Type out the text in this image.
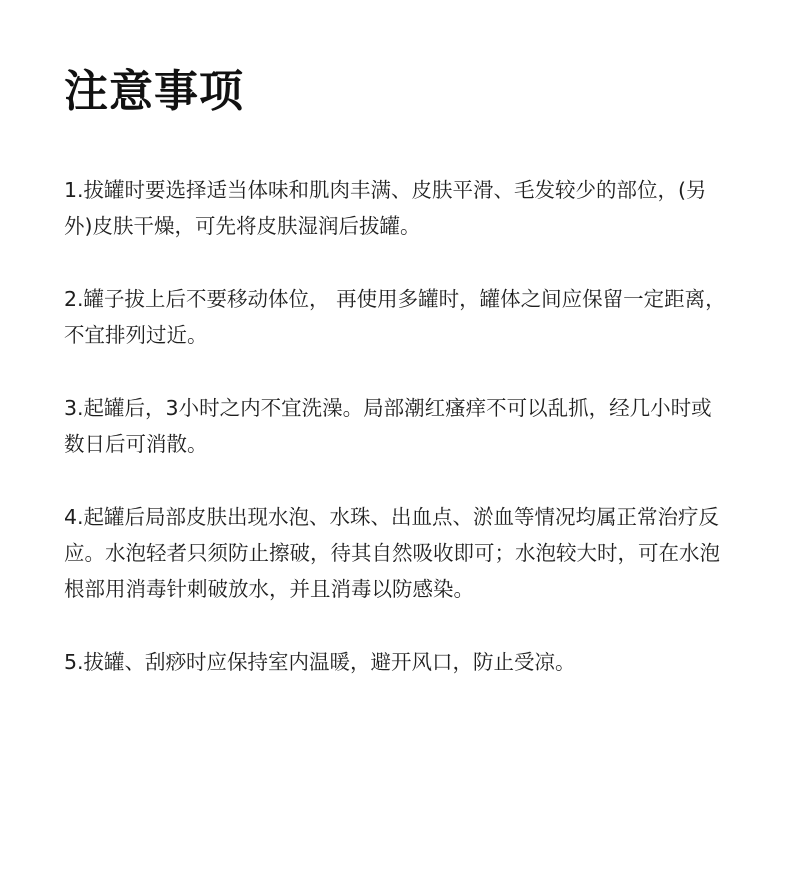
注意事项
1.拔罐时要选择适当体味和肌肉丰满、皮肤平滑、毛发较少的部位，(另外)皮肤干燥，可先将皮肤湿润后拔罐。
2.罐子拔上后不要移动体位， 再使用多罐时，罐体之间应保留一定距离，不宜排列过近。
3.起罐后，3小时之内不宜洗澡。局部潮红瘙痒不可以乱抓，经几小时或数日后可消散。
4.起罐后局部皮肤出现水泡、水珠、出血点、淤血等情况均属正常治疗反应。水泡轻者只须防止擦破，待其自然吸收即可；水泡较大时，可在水泡根部用消毒针刺破放水，并且消毒以防感染。
5.拔罐、刮痧时应保持室内温暖，避开风口，防止受凉。
